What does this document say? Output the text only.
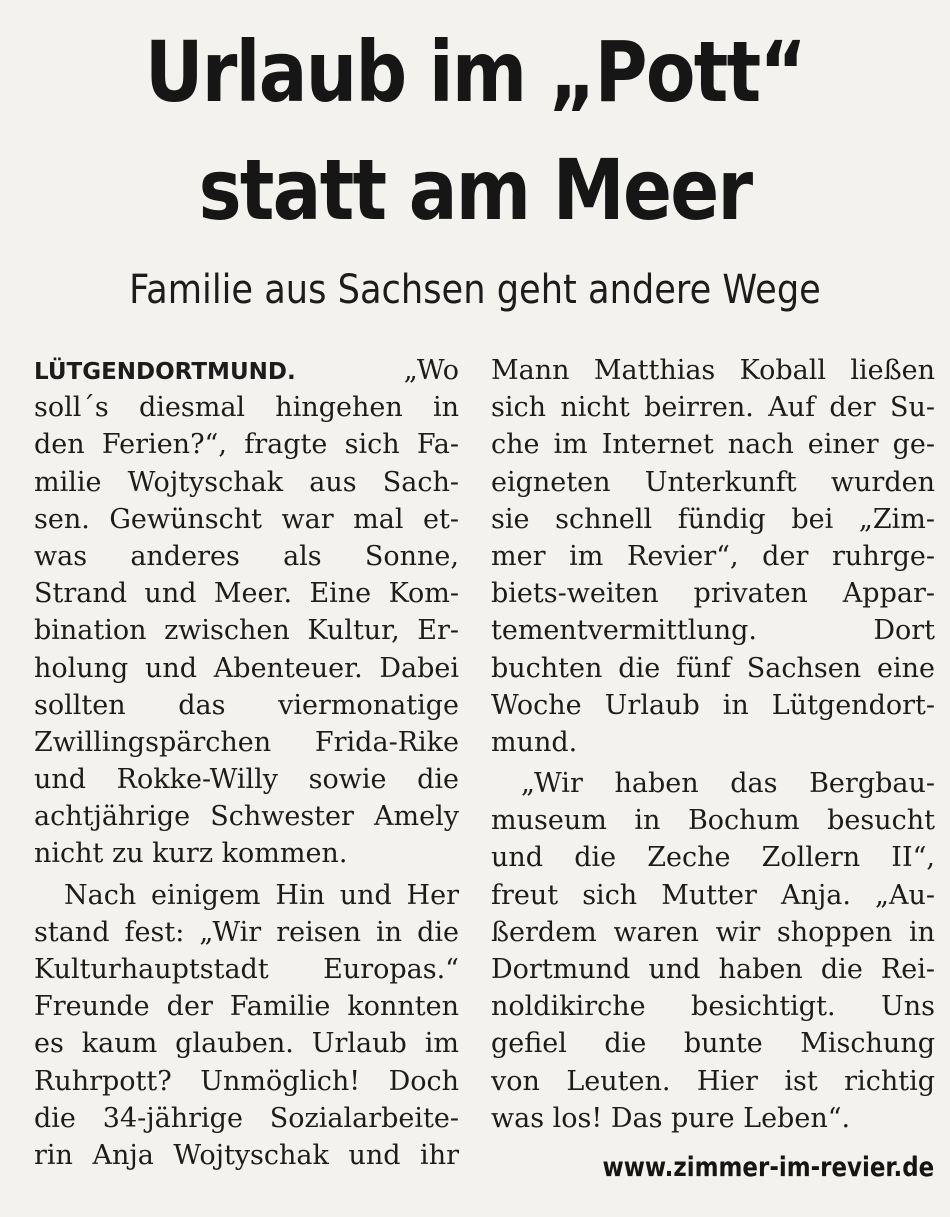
Urlaub im „Pott“
statt am Meer
Familie aus Sachsen geht andere Wege
LÜTGENDORTMUND.	„Wo
soll´s diesmal hingehen in
den Ferien?“, fragte sich Fa-
milie Wojtyschak aus Sach-
sen. Gewünscht war mal et-
was anderes als Sonne,
Strand und Meer. Eine Kom-
bination zwischen Kultur, Er-
holung und Abenteuer. Dabei
sollten das viermonatige
Zwillingspärchen Frida-Rike
und Rokke-Willy sowie die
achtjährige Schwester Amely
nicht zu kurz kommen.
Nach einigem Hin und Her
stand fest: „Wir reisen in die
Kulturhauptstadt Europas.“
Freunde der Familie konnten
es kaum glauben. Urlaub im
Ruhrpott? Unmöglich! Doch
die 34-jährige Sozialarbeite-
rin Anja Wojtyschak und ihr
Mann Matthias Koball ließen
sich nicht beirren. Auf der Su-
che im Internet nach einer ge-
eigneten Unterkunft wurden
sie schnell fündig bei „Zim-
mer im Revier“, der ruhrge-
biets-weiten privaten Appar-
tementvermittlung. Dort
buchten die fünf Sachsen eine
Woche Urlaub in Lütgendort-
mund.
„Wir haben das Bergbau-
museum in Bochum besucht
und die Zeche Zollern II“,
freut sich Mutter Anja. „Au-
ßerdem waren wir shoppen in
Dortmund und haben die Rei-
noldikirche besichtigt. Uns
gefiel die bunte Mischung
von Leuten. Hier ist richtig
was los! Das pure Leben“.
www.zimmer-im-revier.de
